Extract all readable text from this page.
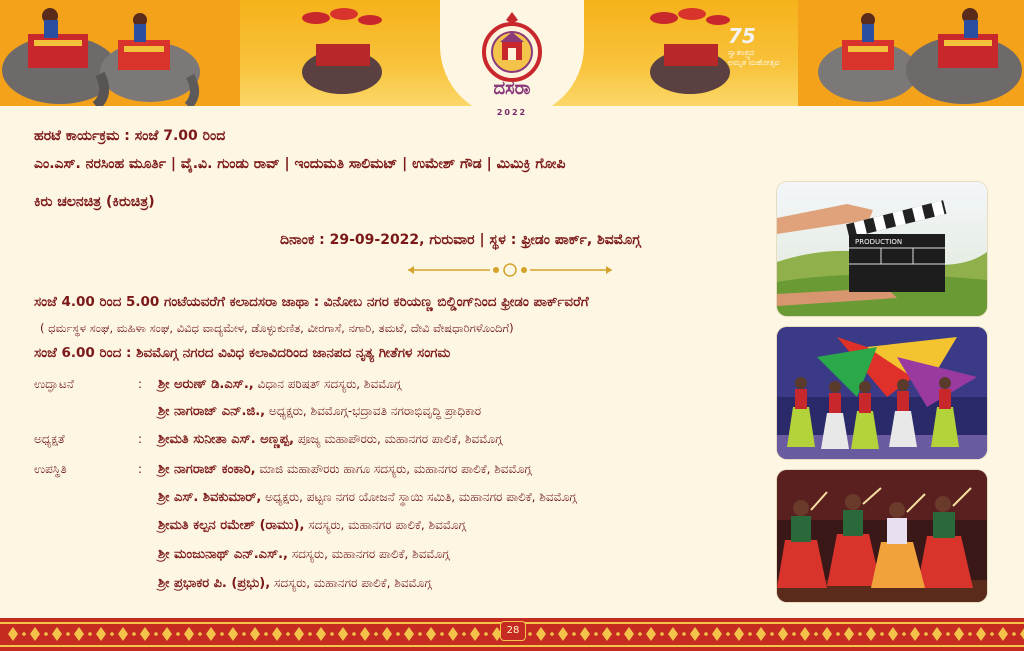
75
ಸ್ವಾತಂತ್ರ್ಯದ
ಅಮೃತ ಮಹೋತ್ಸವ
ದಸರಾ
2022
ಹರಟೆ ಕಾರ್ಯಕ್ರಮ : ಸಂಜೆ 7.00 ರಿಂದ
ಎಂ.ಎಸ್. ನರಸಿಂಹ ಮೂರ್ತಿ | ವೈ.ವಿ. ಗುಂಡು ರಾವ್ | ಇಂದುಮತಿ ಸಾಲಿಮಟ್ | ಉಮೇಶ್ ಗೌಡ | ಮಿಮಿಕ್ರಿ ಗೋಪಿ
ಕಿರು ಚಲನಚಿತ್ರ (ಕಿರುಚಿತ್ರ)
ದಿನಾಂಕ : 29-09-2022, ಗುರುವಾರ | ಸ್ಥಳ : ಫ್ರೀಡಂ ಪಾರ್ಕ್, ಶಿವಮೊಗ್ಗ
ಸಂಜೆ 4.00 ರಿಂದ 5.00 ಗಂಟೆಯವರೆಗೆ ಕಲಾದಸರಾ ಜಾಥಾ : ವಿನೋಬ ನಗರ ಕರಿಯಣ್ಣ ಬಿಲ್ಡಿಂಗ್‌ನಿಂದ ಫ್ರೀಡಂ ಪಾರ್ಕ್‌ವರೆಗೆ
( ಧರ್ಮಸ್ಥಳ ಸಂಘ, ಮಹಿಳಾ ಸಂಘ, ವಿವಿಧ ವಾದ್ಯಮೇಳ, ಡೊಳ್ಳುಕುಣಿತ, ವೀರಗಾಸೆ, ನಗಾರಿ, ತಮಟೆ, ದೇವಿ ವೇಷಧಾರಿಗಳೊಂದಿಗೆ)
ಸಂಜೆ 6.00 ರಿಂದ : ಶಿವಮೊಗ್ಗ ನಗರದ ವಿವಿಧ ಕಲಾವಿದರಿಂದ ಜಾನಪದ ನೃತ್ಯ ಗೀತೆಗಳ ಸಂಗಮ
ಉದ್ಘಾಟನೆ	: ಶ್ರೀ ಅರುಣ್ ಡಿ.ಎಸ್., ವಿಧಾನ ಪರಿಷತ್ ಸದಸ್ಯರು, ಶಿವಮೊಗ್ಗ
ಶ್ರೀ ನಾಗರಾಜ್ ಎನ್.ಜಿ., ಅಧ್ಯಕ್ಷರು, ಶಿವಮೊಗ್ಗ-ಭದ್ರಾವತಿ ನಗರಾಭಿವೃದ್ಧಿ ಪ್ರಾಧಿಕಾರ
ಅಧ್ಯಕ್ಷತೆ	: ಶ್ರೀಮತಿ ಸುನೀತಾ ಎಸ್. ಅಣ್ಣಪ್ಪ, ಪೂಜ್ಯ ಮಹಾಪೌರರು, ಮಹಾನಗರ ಪಾಲಿಕೆ, ಶಿವಮೊಗ್ಗ
ಉಪಸ್ಥಿತಿ	: ಶ್ರೀ ನಾಗರಾಜ್ ಕಂಕಾರಿ, ಮಾಜಿ ಮಹಾಪೌರರು ಹಾಗೂ ಸದಸ್ಯರು, ಮಹಾನಗರ ಪಾಲಿಕೆ, ಶಿವಮೊಗ್ಗ
ಶ್ರೀ ಎಸ್. ಶಿವಕುಮಾರ್, ಅಧ್ಯಕ್ಷರು, ಪಟ್ಟಣ ನಗರ ಯೋಜನೆ ಸ್ಥಾಯಿ ಸಮಿತಿ, ಮಹಾನಗರ ಪಾಲಿಕೆ, ಶಿವಮೊಗ್ಗ
ಶ್ರೀಮತಿ ಕಲ್ಪನ ರಮೇಶ್ (ರಾಮು), ಸದಸ್ಯರು, ಮಹಾನಗರ ಪಾಲಿಕೆ, ಶಿವಮೊಗ್ಗ
ಶ್ರೀ ಮಂಜುನಾಥ್ ಎನ್.ಎಸ್., ಸದಸ್ಯರು, ಮಹಾನಗರ ಪಾಲಿಕೆ, ಶಿವಮೊಗ್ಗ
ಶ್ರೀ ಪ್ರಭಾಕರ ಪಿ. (ಪ್ರಭು), ಸದಸ್ಯರು, ಮಹಾನಗರ ಪಾಲಿಕೆ, ಶಿವಮೊಗ್ಗ
PRODUCTION
28
